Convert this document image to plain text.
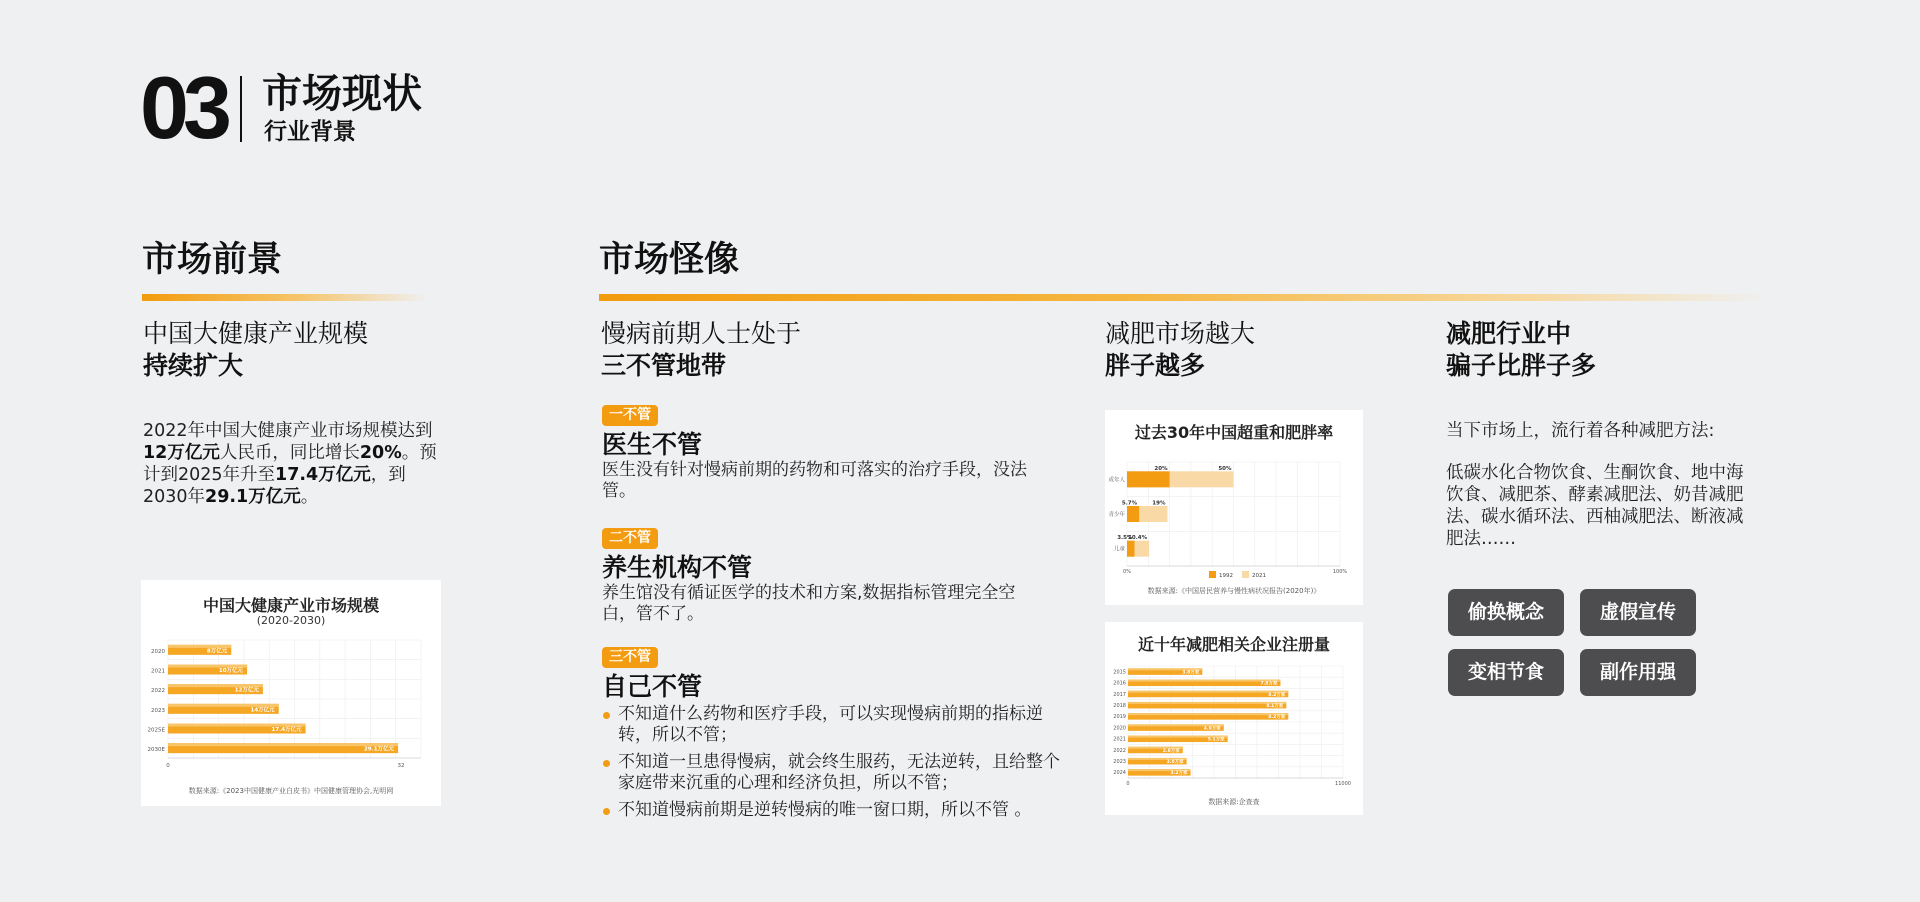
03 市场现状
行业背景
市场前景
中国大健康产业规模
持续扩大
2022年中国大健康产业市场规模达到12万亿元人民币，同比增长20%。预计到2025年升至17.4万亿元，到2030年29.1万亿元。
中国大健康产业市场规模
(2020-2030)
2020	8万亿元
2021	10万亿元
2022	12万亿元
2023	14万亿元
2025E	17.4万亿元
2030E	29.1万亿元
0	32
数据来源:《2023中国健康产业白皮书》中国健康管理协会,光明网
市场怪像
慢病前期人士处于
三不管地带
一不管
医生不管
医生没有针对慢病前期的药物和可落实的治疗手段，没法管。
二不管
养生机构不管
养生馆没有循证医学的技术和方案,数据指标管理完全空白，管不了。
三不管
自己不管
不知道什么药物和医疗手段，可以实现慢病前期的指标逆转，所以不管；
不知道一旦患得慢病，就会终生服药，无法逆转，且给整个家庭带来沉重的心理和经济负担，所以不管；
不知道慢病前期是逆转慢病的唯一窗口期，所以不管 。
减肥市场越大
胖子越多
过去30年中国超重和肥胖率
成年人
20%	50%
青少年
5.7%	19%
儿童
3.5%
10.4%
0%	100%
1992	2021
数据来源:《中国居民营养与慢性病状况报告(2020年)》
近十年减肥相关企业注册量
2015	3.8万家
2016	7.8万家
2017	8.2万家
2018	8.1万家
2019	8.2万家
2020	4.9万家
2021	5.1万家
2022	2.8万家
2023	3.0万家
2024	3.2万家
0	11000
数据来源:企查查
减肥行业中
骗子比胖子多
当下市场上，流行着各种减肥方法:
低碳水化合物饮食、生酮饮食、地中海饮食、减肥茶、酵素减肥法、奶昔减肥法、碳水循环法、西柚减肥法、断液减肥法……
偷换概念	虚假宣传
变相节食	副作用强
